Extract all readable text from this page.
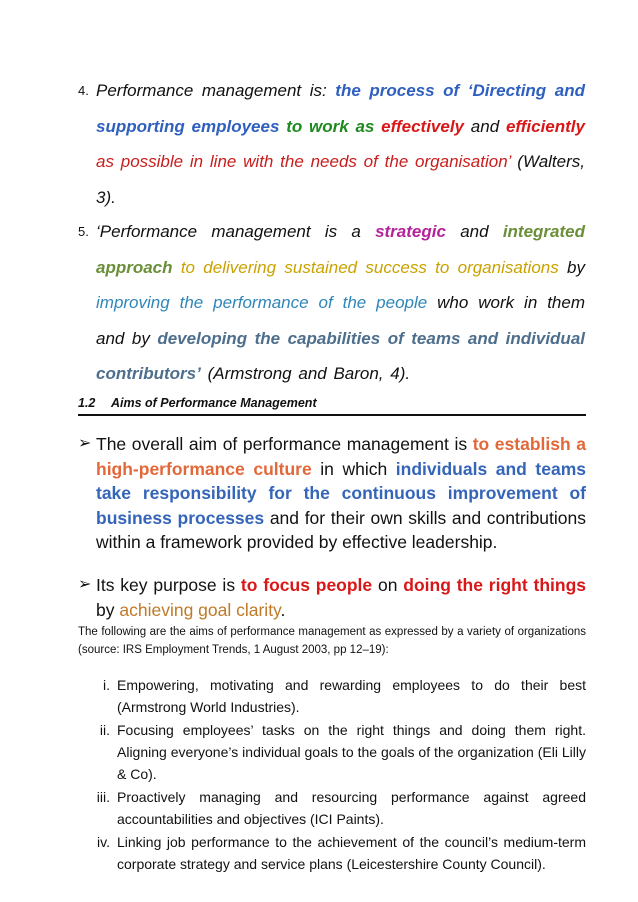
4. Performance management is: the process of ‘Directing and supporting employees to work as effectively and efficiently as possible in line with the needs of the organisation’ (Walters, 3).
5. ‘Performance management is a strategic and integrated approach to delivering sustained success to organisations by improving the performance of the people who work in them and by developing the capabilities of teams and individual contributors’ (Armstrong and Baron, 4).
1.2 Aims of Performance Management
➢ The overall aim of performance management is to establish a high-performance culture in which individuals and teams take responsibility for the continuous improvement of business processes and for their own skills and contributions within a framework provided by effective leadership.
➢ Its key purpose is to focus people on doing the right things by achieving goal clarity.
The following are the aims of performance management as expressed by a variety of organizations (source: IRS Employment Trends, 1 August 2003, pp 12–19):
i. Empowering, motivating and rewarding employees to do their best (Armstrong World Industries).
ii. Focusing employees’ tasks on the right things and doing them right. Aligning everyone’s individual goals to the goals of the organization (Eli Lilly & Co).
iii. Proactively managing and resourcing performance against agreed accountabilities and objectives (ICI Paints).
iv. Linking job performance to the achievement of the council’s medium-term corporate strategy and service plans (Leicestershire County Council).
